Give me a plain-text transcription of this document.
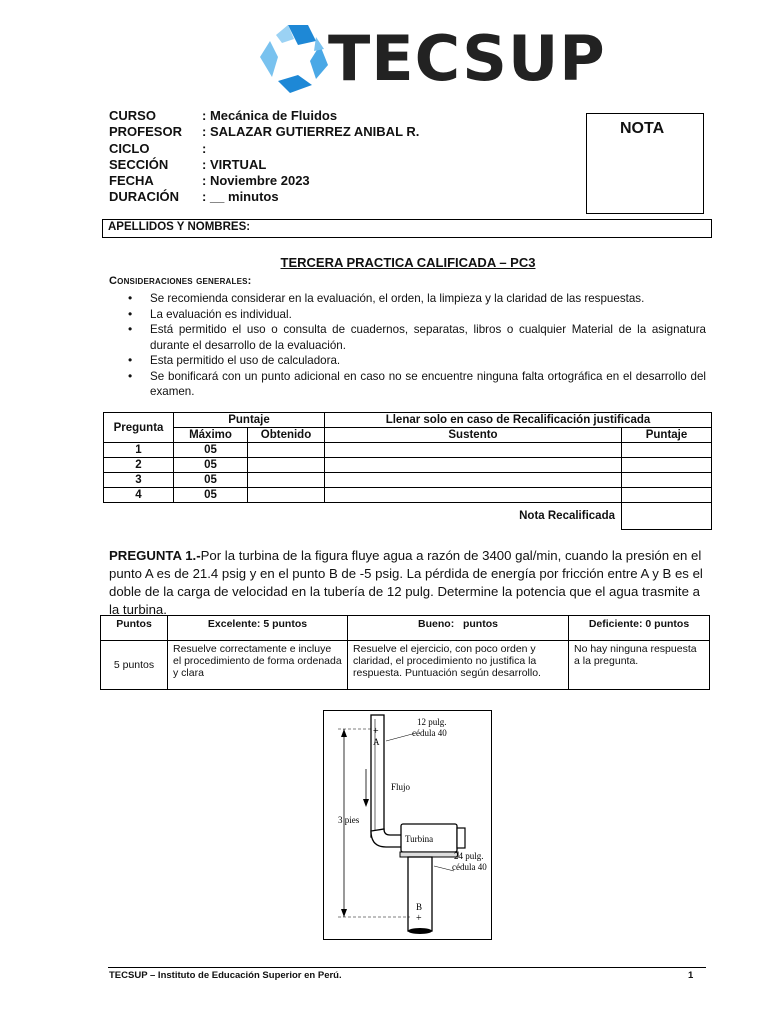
TECSUP
CURSO	: Mecánica de Fluidos
PROFESOR	: SALAZAR GUTIERREZ ANIBAL R.
CICLO	:
SECCIÓN	: VIRTUAL
FECHA	: Noviembre 2023
DURACIÓN	: __ minutos
NOTA
APELLIDOS Y NOMBRES:
TERCERA PRACTICA CALIFICADA – PC3
Consideraciones generales:
• Se recomienda considerar en la evaluación, el orden, la limpieza y la claridad de las respuestas.
• La evaluación es individual.
• Está permitido el uso o consulta de cuadernos, separatas, libros o cualquier Material de la asignatura durante el desarrollo de la evaluación.
• Esta permitido el uso de calculadora.
• Se bonificará con un punto adicional en caso no se encuentre ninguna falta ortográfica en el desarrollo del examen.
Pregunta	Puntaje		Llenar solo en caso de Recalificación justificada	
	Máximo	Obtenido	Sustento	Puntaje
1	05			
2	05			
3	05			
4	05			
Nota Recalificada				
PREGUNTA 1.-Por la turbina de la figura fluye agua a razón de 3400 gal/min, cuando la presión en el punto A es de 21.4 psig y en el punto B de -5 psig. La pérdida de energía por fricción entre A y B es el doble de la carga de velocidad en la tubería de 12 pulg. Determine la potencia que el agua trasmite a la turbina.
Puntos	Excelente: 5 puntos	Bueno:   puntos	Deficiente: 0 puntos
5 puntos	Resuelve correctamente e incluye el procedimiento de forma ordenada y clara	Resuelve el ejercicio, con poco orden y claridad, el procedimiento no justifica la respuesta. Puntuación según desarrollo.	No hay ninguna respuesta a la pregunta.
+
A
12 pulg.
cédula 40
Flujo
3 pies
Turbina
24 pulg.
cédula 40
B
+
TECSUP – Instituto de Educación Superior en Perú.	1
